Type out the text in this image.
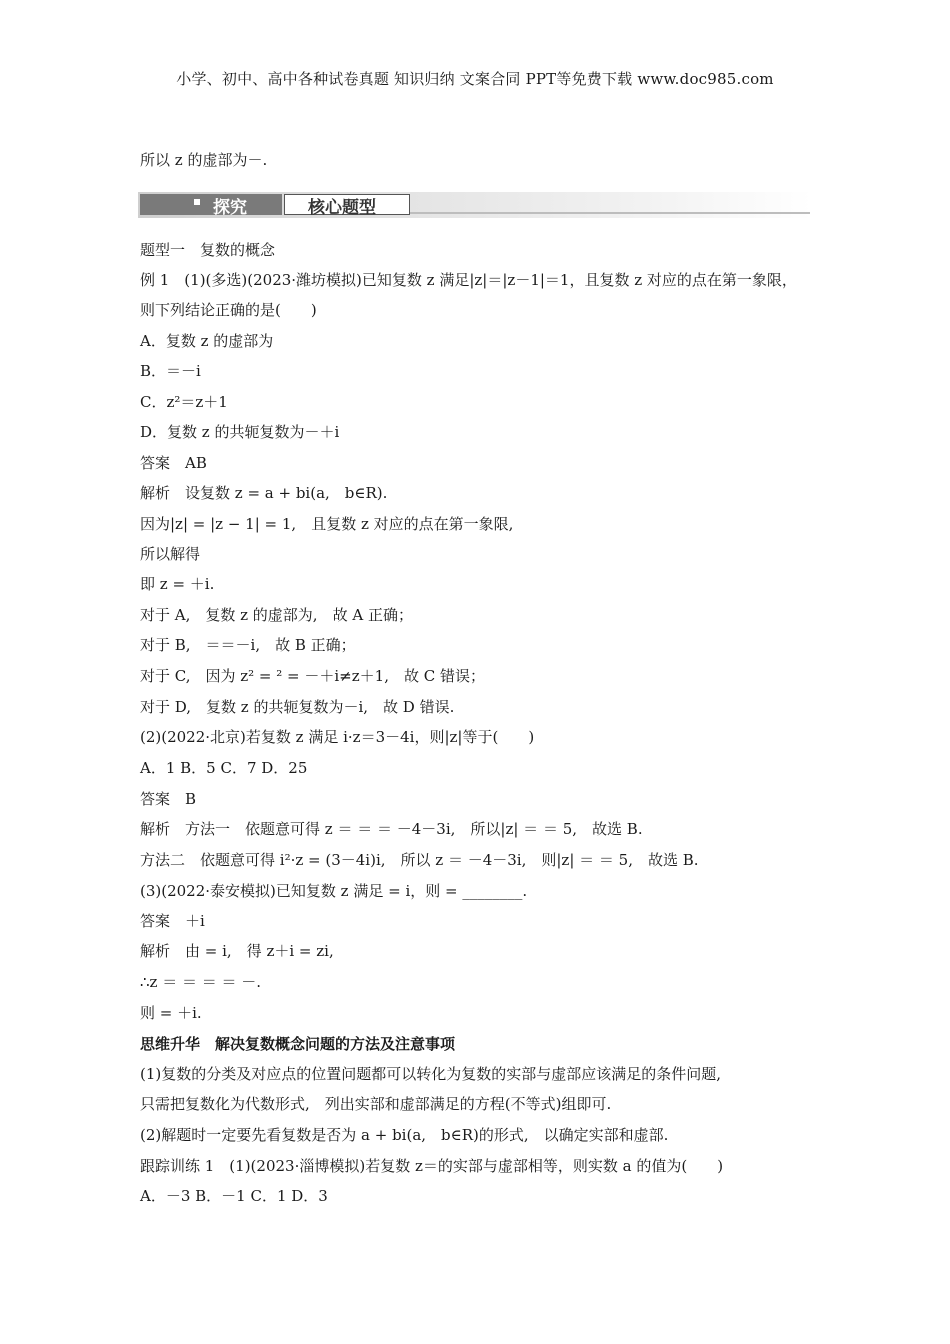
小学、初中、高中各种试卷真题 知识归纳 文案合同 PPT等免费下载 www.doc985.com
所以 z 的虚部为－.
探究	核心题型
题型一　复数的概念
例 1　(1)(多选)(2023·潍坊模拟)已知复数 z 满足|z|＝|z－1|＝1，且复数 z 对应的点在第一象限，
则下列结论正确的是(　　)
A．复数 z 的虚部为
B．＝－i
C．z²＝z＋1
D．复数 z 的共轭复数为－＋i
答案　AB
解析　设复数 z = a + bi(a,　b∈R).
因为|z| = |z − 1| = 1,　且复数 z 对应的点在第一象限,
所以解得
即 z = ＋i.
对于 A,　复数 z 的虚部为,　故 A 正确；
对于 B,　＝＝－i,　故 B 正确；
对于 C,　因为 z² = ² = －＋i≠z＋1,　故 C 错误；
对于 D,　复数 z 的共轭复数为－i,　故 D 错误.
(2)(2022·北京)若复数 z 满足 i·z＝3－4i，则|z|等于(　　)
A．1 B．5 C．7 D．25
答案　B
解析　方法一　依题意可得 z ＝ ＝ ＝ －4－3i,　所以|z| ＝ ＝ 5,　故选 B.
方法二　依题意可得 i²·z = (3－4i)i,　所以 z ＝ －4－3i,　则|z| ＝ ＝ 5,　故选 B.
(3)(2022·泰安模拟)已知复数 z 满足 = i，则 = ________.
答案　＋i
解析　由 = i,　得 z＋i = zi,
∴z ＝ ＝ ＝ ＝ －.
则 = ＋i.
思维升华　解决复数概念问题的方法及注意事项
(1)复数的分类及对应点的位置问题都可以转化为复数的实部与虚部应该满足的条件问题,
只需把复数化为代数形式,　列出实部和虚部满足的方程(不等式)组即可.
(2)解题时一定要先看复数是否为 a + bi(a,　b∈R)的形式,　以确定实部和虚部.
跟踪训练 1　(1)(2023·淄博模拟)若复数 z＝的实部与虚部相等，则实数 a 的值为(　　)
A．－3 B．－1 C．1 D．3
